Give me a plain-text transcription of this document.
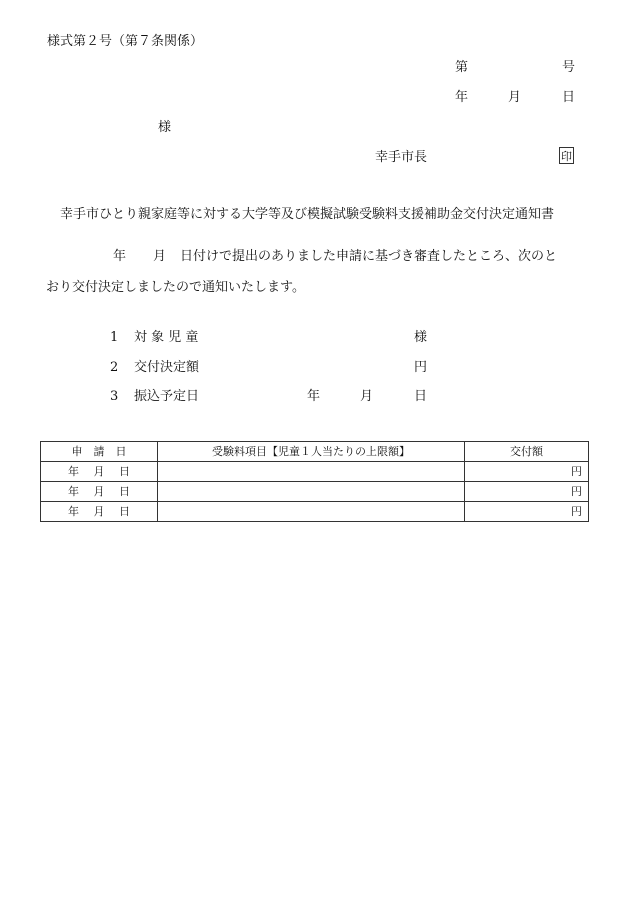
様式第２号（第７条関係）
第	号
年	月	日
様
幸手市長	印
幸手市ひとり親家庭等に対する大学等及び模擬試験受験料支援補助金交付決定通知書
年 月 日付けで提出のありました申請に基づき審査したところ、次のと
おり交付決定しましたので通知いたします。
1 対 象 児 童	様
2 交付決定額	円
3 振込予定日	年	月	日
申　請　日	受験料項目【児童１人当たりの上限額】	交付額
年　 月　 日		円
年　 月　 日		円
年　 月　 日		円
